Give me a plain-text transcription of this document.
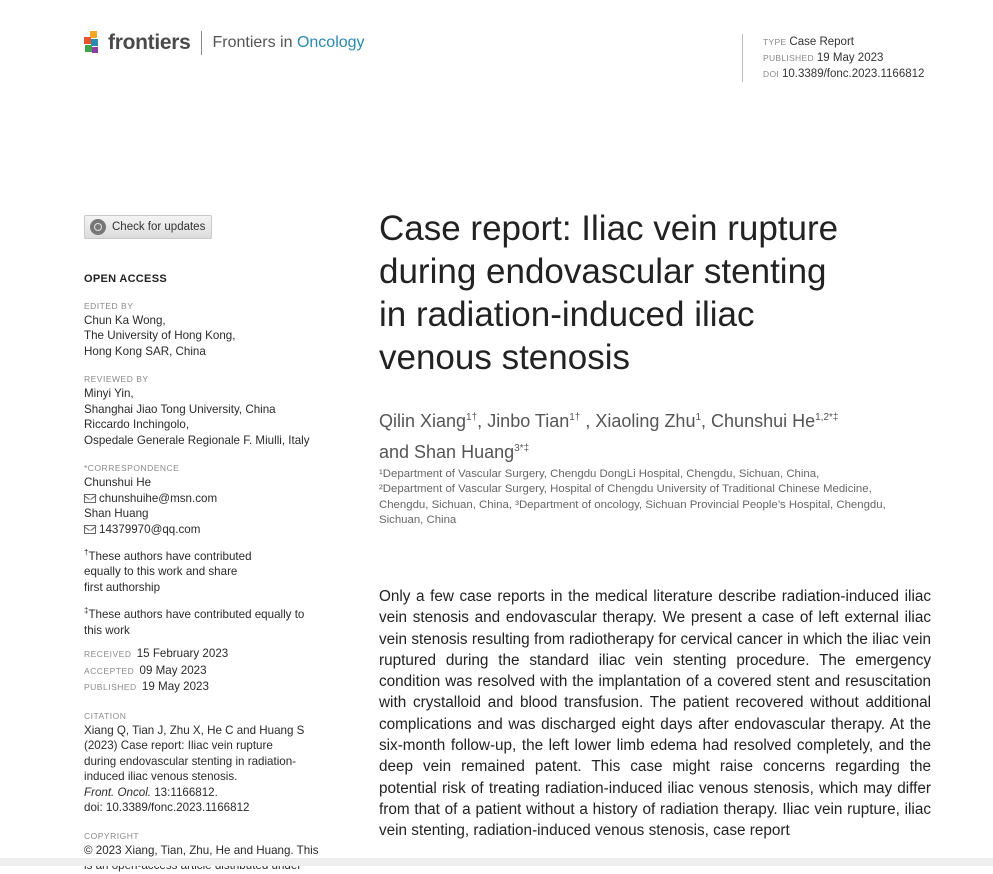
frontiers Frontiers in Oncology	TYPE Case Report
PUBLISHED 19 May 2023
DOI 10.3389/fonc.2023.1166812
Check for updates
OPEN ACCESS
EDITED BY
Chun Ka Wong,
The University of Hong Kong,
Hong Kong SAR, China
REVIEWED BY
Minyi Yin,
Shanghai Jiao Tong University, China
Riccardo Inchingolo,
Ospedale Generale Regionale F. Miulli, Italy
*CORRESPONDENCE
Chunshui He
chunshuihe@msn.com
Shan Huang
14379970@qq.com
†These authors have contributed
equally to this work and share
first authorship
‡These authors have contributed equally to
this work
RECEIVED 15 February 2023
ACCEPTED 09 May 2023
PUBLISHED 19 May 2023
CITATION
Xiang Q, Tian J, Zhu X, He C and Huang S
(2023) Case report: Iliac vein rupture
during endovascular stenting in radiation-
induced iliac venous stenosis.
Front. Oncol. 13:1166812.
doi: 10.3389/fonc.2023.1166812
COPYRIGHT
© 2023 Xiang, Tian, Zhu, He and Huang. This
Case report: Iliac vein rupture
during endovascular stenting
in radiation-induced iliac
venous stenosis
Qilin Xiang$^{1\dagger}$, Jinbo Tian$^{1\dagger}$ , Xiaoling Zhu$^1$, Chunshui $He^{1,2*\ddagger}$
and Shan Huang$^{3*\ddagger}$
¹Department of Vascular Surgery, Chengdu DongLi Hospital, Chengdu, Sichuan, China,
²Department of Vascular Surgery, Hospital of Chengdu University of Traditional Chinese Medicine,
Chengdu, Sichuan, China, ³Department of oncology, Sichuan Provincial People’s Hospital, Chengdu,
Sichuan, China
Only a few case reports in the medical literature describe radiation-induced iliac vein stenosis and endovascular therapy. We present a case of left external iliac vein stenosis resulting from radiotherapy for cervical cancer in which the iliac vein ruptured during the standard iliac vein stenting procedure. The emergency condition was resolved with the implantation of a covered stent and resuscitation with crystalloid and blood transfusion. The patient recovered without additional complications and was discharged eight days after endovascular therapy. At the six-month follow-up, the left lower limb edema had resolved completely, and the deep vein remained patent. This case might raise concerns regarding the potential risk of treating radiation-induced iliac venous stenosis, which may differ from that of a patient without a history of radiation therapy. Iliac vein rupture, iliac vein stenting, radiation-induced venous stenosis, case report
